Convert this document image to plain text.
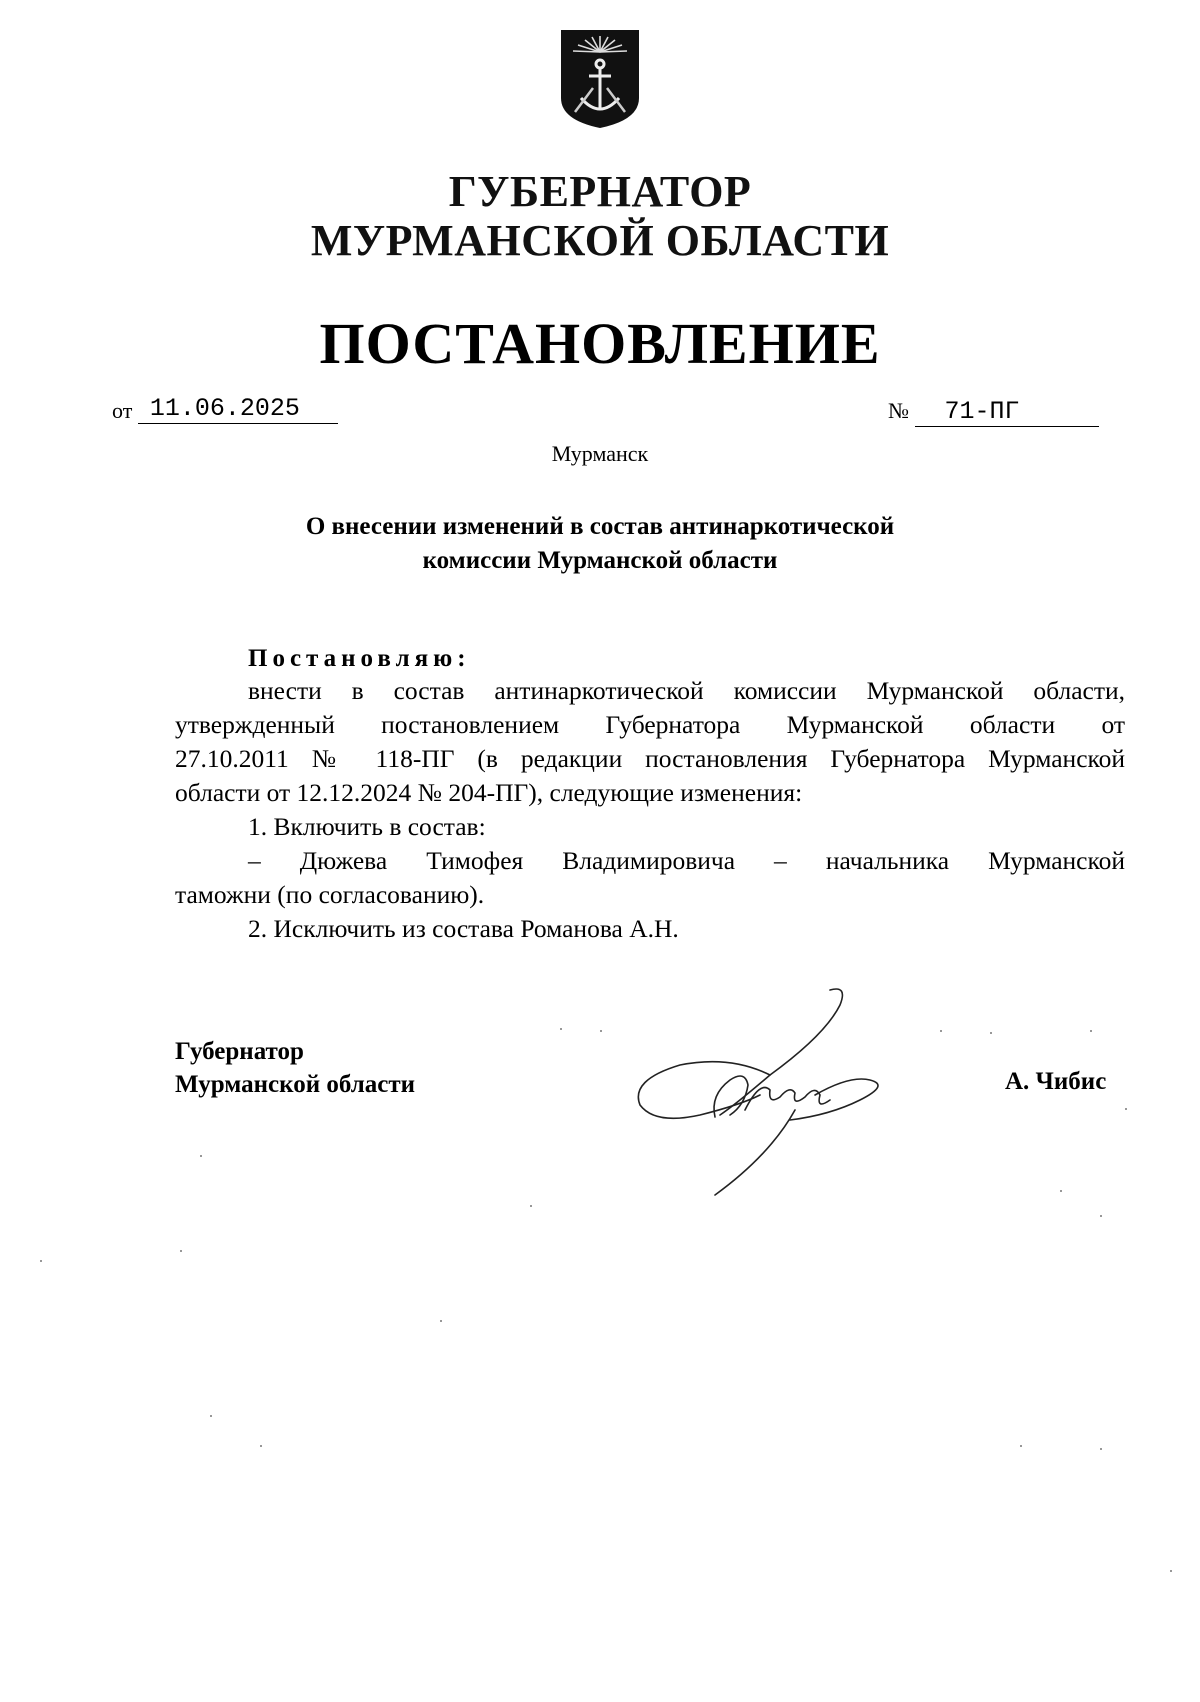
ГУБЕРНАТОР
МУРМАНСКОЙ ОБЛАСТИ
ПОСТАНОВЛЕНИЕ
от 11.06.2025	№ 71-ПГ
Мурманск
О внесении изменений в состав антинаркотической
комиссии Мурманской области
Постановляю:

внести в состав антинаркотической комиссии Мурманской области,

утвержденный постановлением Губернатора Мурманской области от

27.10.2011 № 118-ПГ (в редакции постановления Губернатора Мурманской

области от 12.12.2024 № 204-ПГ), следующие изменения:

1. Включить в состав:

– Дюжева Тимофея Владимировича – начальника Мурманской

таможни (по согласованию).

2. Исключить из состава Романова А.Н.

Губернатор
Мурманской области	А. Чибис
